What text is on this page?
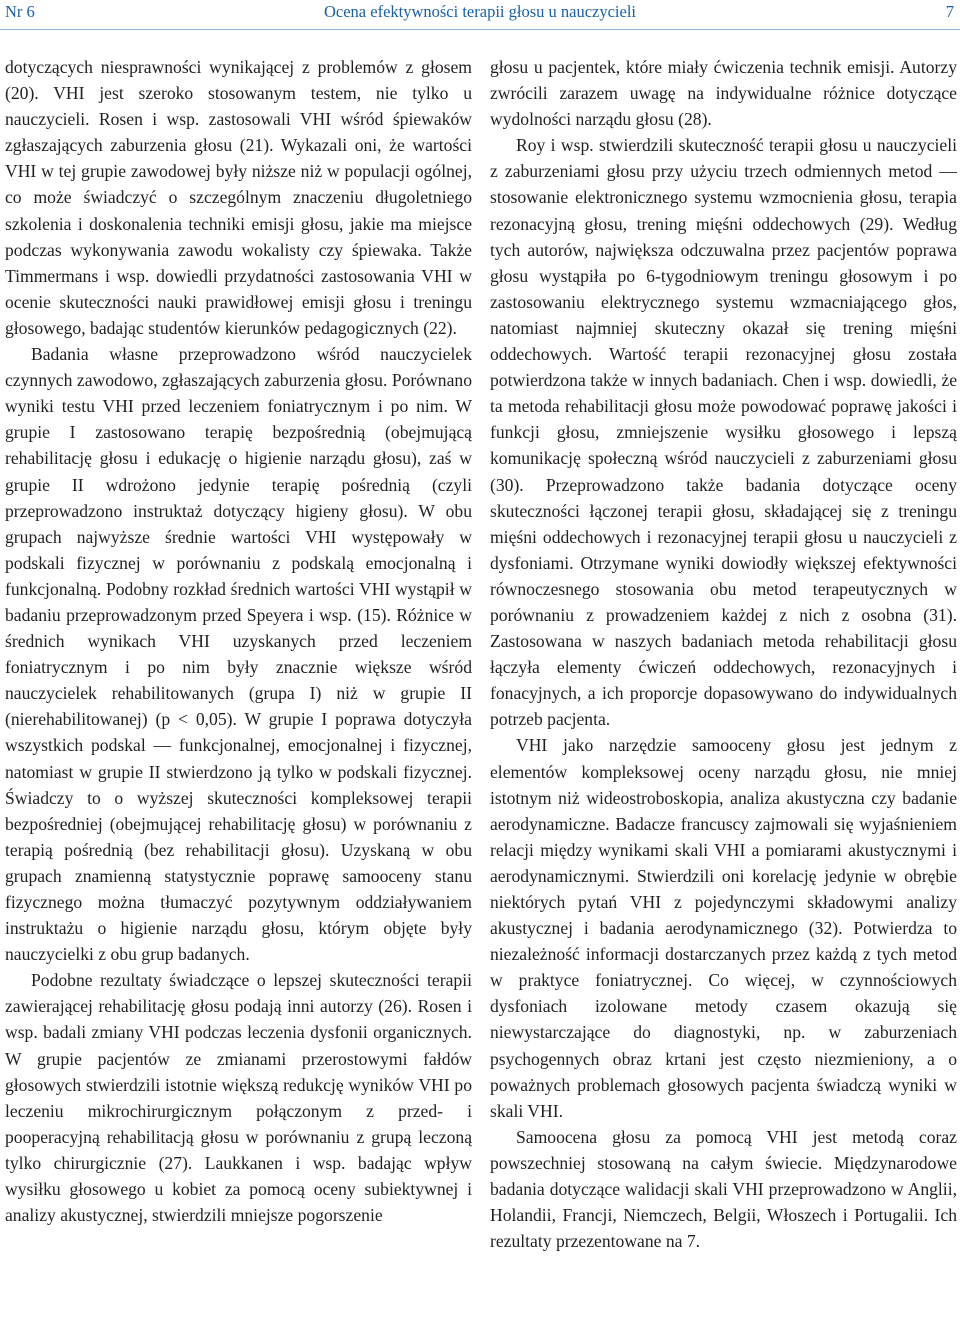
Nr 6	Ocena efektywności terapii głosu u nauczycieli	7

dotyczących niesprawności wynikającej z problemów z głosem (20). VHI jest szeroko stosowanym testem, nie tylko u nauczycieli. Rosen i wsp. zastosowali VHI wśród śpiewaków zgłaszających zaburzenia głosu (21). Wykazali oni, że wartości VHI w tej grupie zawodowej były niższe niż w populacji ogólnej, co może świadczyć o szczególnym znaczeniu długoletniego szkolenia i doskonalenia techniki emisji głosu, jakie ma miejsce podczas wykonywania zawodu wokalisty czy śpiewaka. Także Timmermans i wsp. dowiedli przydatności zastosowania VHI w ocenie skuteczności nauki prawidłowej emisji głosu i treningu głosowego, badając studentów kierunków pedagogicznych (22).

Badania własne przeprowadzono wśród nauczycielek czynnych zawodowo, zgłaszających zaburzenia głosu. Porównano wyniki testu VHI przed leczeniem foniatrycznym i po nim. W grupie I zastosowano terapię bezpośrednią (obejmującą rehabilitację głosu i edukację o higienie narządu głosu), zaś w grupie II wdrożono jedynie terapię pośrednią (czyli przeprowadzono instruktaż dotyczący higieny głosu). W obu grupach najwyższe średnie wartości VHI występowały w podskali fizycznej w porównaniu z podskalą emocjonalną i funkcjonalną. Podobny rozkład średnich wartości VHI wystąpił w badaniu przeprowadzonym przed Speyera i wsp. (15). Różnice w średnich wynikach VHI uzyskanych przed leczeniem foniatrycznym i po nim były znacznie większe wśród nauczycielek rehabilitowanych (grupa I) niż w grupie II (nierehabilitowanej) (p < 0,05). W grupie I poprawa dotyczyła wszystkich podskal — funkcjonalnej, emocjonalnej i fizycznej, natomiast w grupie II stwierdzono ją tylko w podskali fizycznej. Świadczy to o wyższej skuteczności kompleksowej terapii bezpośredniej (obejmującej rehabilitację głosu) w porównaniu z terapią pośrednią (bez rehabilitacji głosu). Uzyskaną w obu grupach znamienną statystycznie poprawę samooceny stanu fizycznego można tłumaczyć pozytywnym oddziaływaniem instruktażu o higienie narządu głosu, którym objęte były nauczycielki z obu grup badanych.

Podobne rezultaty świadczące o lepszej skuteczności terapii zawierającej rehabilitację głosu podają inni autorzy (26). Rosen i wsp. badali zmiany VHI podczas leczenia dysfonii organicznych. W grupie pacjentów ze zmianami przerostowymi fałdów głosowych stwierdzili istotnie większą redukcję wyników VHI po leczeniu mikrochirurgicznym połączonym z przed- i pooperacyjną rehabilitacją głosu w porównaniu z grupą leczoną tylko chirurgicznie (27). Laukkanen i wsp. badając wpływ wysiłku głosowego u kobiet za pomocą oceny subiektywnej i analizy akustycznej, stwierdzili mniejsze pogorszenie

głosu u pacjentek, które miały ćwiczenia technik emisji. Autorzy zwrócili zarazem uwagę na indywidualne różnice dotyczące wydolności narządu głosu (28).

Roy i wsp. stwierdzili skuteczność terapii głosu u nauczycieli z zaburzeniami głosu przy użyciu trzech odmiennych metod — stosowanie elektronicznego systemu wzmocnienia głosu, terapia rezonacyjną głosu, trening mięśni oddechowych (29). Według tych autorów, największa odczuwalna przez pacjentów poprawa głosu wystąpiła po 6-tygodniowym treningu głosowym i po zastosowaniu elektrycznego systemu wzmacniającego głos, natomiast najmniej skuteczny okazał się trening mięśni oddechowych. Wartość terapii rezonacyjnej głosu została potwierdzona także w innych badaniach. Chen i wsp. dowiedli, że ta metoda rehabilitacji głosu może powodować poprawę jakości i funkcji głosu, zmniejszenie wysiłku głosowego i lepszą komunikację społeczną wśród nauczycieli z zaburzeniami głosu (30). Przeprowadzono także badania dotyczące oceny skuteczności łączonej terapii głosu, składającej się z treningu mięśni oddechowych i rezonacyjnej terapii głosu u nauczycieli z dysfoniami. Otrzymane wyniki dowiodły większej efektywności równoczesnego stosowania obu metod terapeutycznych w porównaniu z prowadzeniem każdej z nich z osobna (31). Zastosowana w naszych badaniach metoda rehabilitacji głosu łączyła elementy ćwiczeń oddechowych, rezonacyjnych i fonacyjnych, a ich proporcje dopasowywano do indywidualnych potrzeb pacjenta.

VHI jako narzędzie samooceny głosu jest jednym z elementów kompleksowej oceny narządu głosu, nie mniej istotnym niż wideostroboskopia, analiza akustyczna czy badanie aerodynamiczne. Badacze francuscy zajmowali się wyjaśnieniem relacji między wynikami skali VHI a pomiarami akustycznymi i aerodynamicznymi. Stwierdzili oni korelację jedynie w obrębie niektórych pytań VHI z pojedynczymi składowymi analizy akustycznej i badania aerodynamicznego (32). Potwierdza to niezależność informacji dostarczanych przez każdą z tych metod w praktyce foniatrycznej. Co więcej, w czynnościowych dysfoniach izolowane metody czasem okazują się niewystarczające do diagnostyki, np. w zaburzeniach psychogennych obraz krtani jest często niezmieniony, a o poważnych problemach głosowych pacjenta świadczą wyniki w skali VHI.

Samoocena głosu za pomocą VHI jest metodą coraz powszechniej stosowaną na całym świecie. Międzynarodowe badania dotyczące walidacji skali VHI przeprowadzono w Anglii, Holandii, Francji, Niemczech, Belgii, Włoszech i Portugalii. Ich rezultaty przezentowane na 7.
